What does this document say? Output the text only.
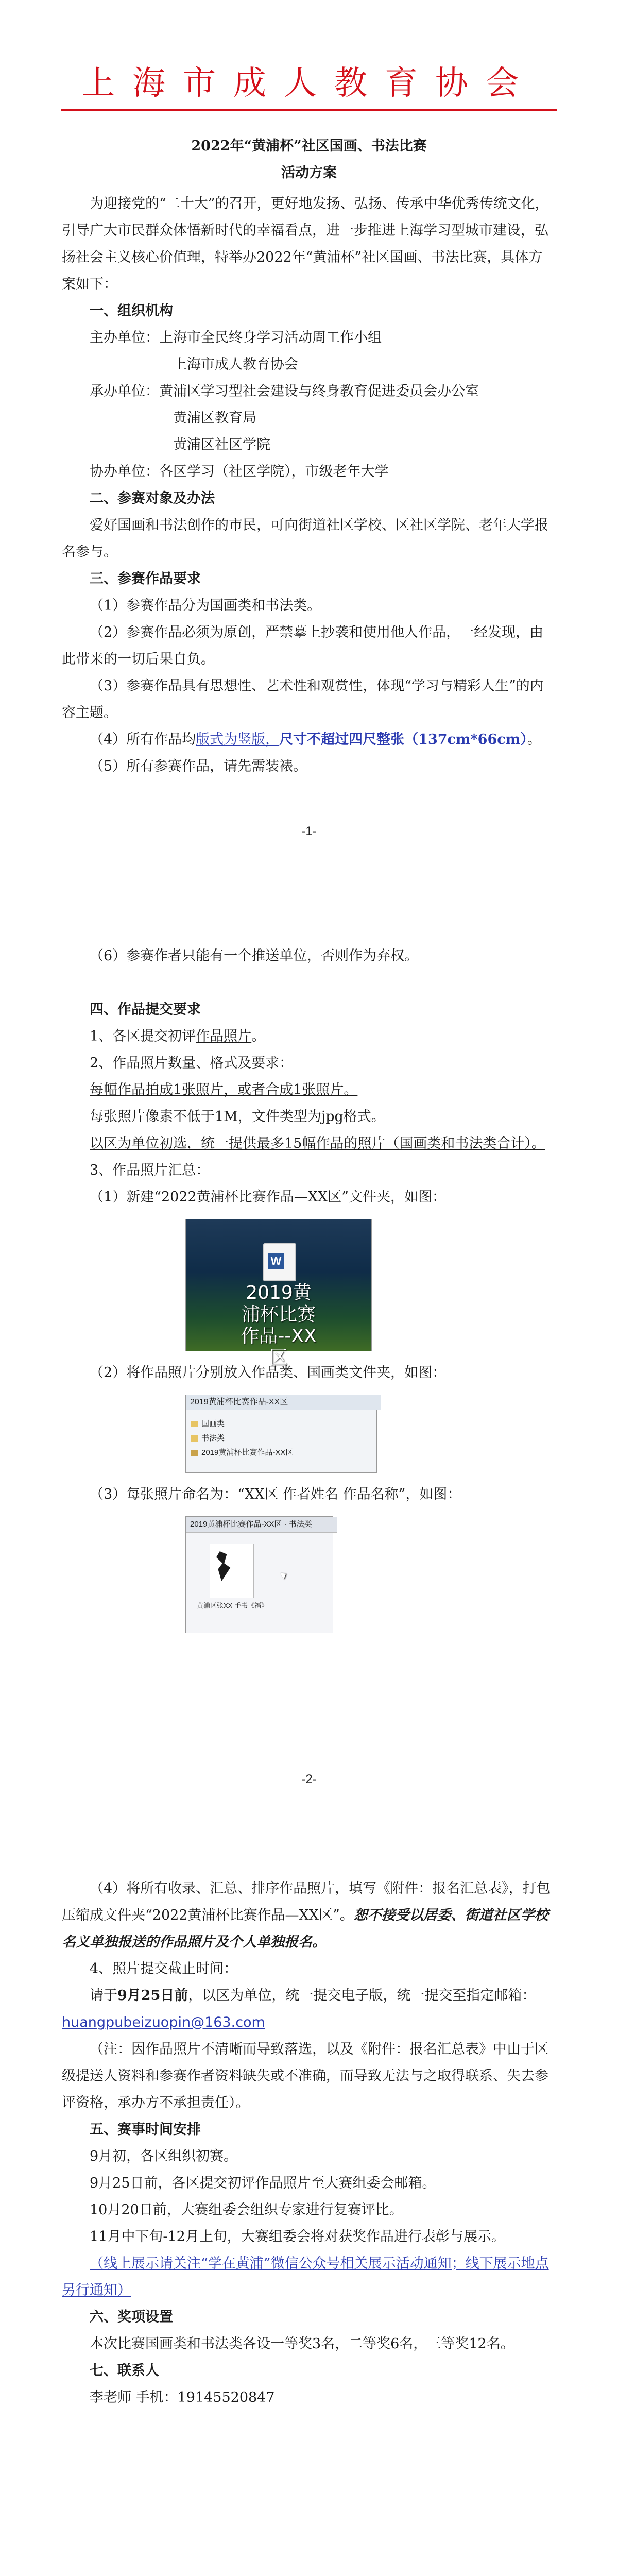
上海市成人教育协会

2022年“黄浦杯”社区国画、书法比赛

活动方案

为迎接党的“二十大”的召开，更好地发扬、弘扬、传承中华优秀传统文化，引导广大市民群众体悟新时代的幸福看点，进一步推进上海学习型城市建设，弘扬社会主义核心价值理，特举办2022年“黄浦杯”社区国画、书法比赛，具体方案如下：

一、组织机构

主办单位：上海市全民终身学习活动周工作小组

上海市成人教育协会

承办单位：黄浦区学习型社会建设与终身教育促进委员会办公室

黄浦区教育局

黄浦区社区学院

协办单位：各区学习（社区学院），市级老年大学

二、参赛对象及办法

爱好国画和书法创作的市民，可向街道社区学校、区社区学院、老年大学报名参与。

三、参赛作品要求

（1）参赛作品分为国画类和书法类。

（2）参赛作品必须为原创，严禁摹上抄袭和使用他人作品，一经发现，由此带来的一切后果自负。

（3）参赛作品具有思想性、艺术性和观赏性，体现“学习与精彩人生”的内容主题。

（4）所有作品均版式为竖版，尺寸不超过四尺整张（137cm*66cm）。

（5）所有参赛作品，请先需装裱。

-1-

（6）参赛作者只能有一个推送单位，否则作为弃权。

四、作品提交要求

1、各区提交初评作品照片。

2、作品照片数量、格式及要求：

每幅作品拍成1张照片，或者合成1张照片。

每张照片像素不低于1M，文件类型为jpg格式。

以区为单位初选，统一提供最多15幅作品的照片（国画类和书法类合计）。

3、作品照片汇总：

（1）新建“2022黄浦杯比赛作品—XX区”文件夹，如图：

W
2019黄
浦杯比赛
作品--XX
区

（2）将作品照片分别放入作品类、国画类文件夹，如图：

2019黄浦杯比赛作品-XX区
国画类
书法类
2019黄浦杯比赛作品-XX区

（3）每张照片命名为：“XX区 作者姓名 作品名称”，如图：

2019黄浦杯比赛作品-XX区 · 书法类
黄浦区张XX 手书《福》
-2-

（4）将所有收录、汇总、排序作品照片，填写《附件：报名汇总表》，打包压缩成文件夹“2022黄浦杯比赛作品—XX区”。恕不接受以居委、街道社区学校名义单独报送的作品照片及个人单独报名。

4、照片提交截止时间：

请于9月25日前，以区为单位，统一提交电子版，统一提交至指定邮箱：

huangpubeizuopin@163.com

（注：因作品照片不清晰而导致落选，以及《附件：报名汇总表》中由于区级提送人资料和参赛作者资料缺失或不准确，而导致无法与之取得联系、失去参评资格，承办方不承担责任）。

五、赛事时间安排

9月初，各区组织初赛。

9月25日前，各区提交初评作品照片至大赛组委会邮箱。

10月20日前，大赛组委会组织专家进行复赛评比。

11月中下旬-12月上旬，大赛组委会将对获奖作品进行表彰与展示。

（线上展示请关注“学在黄浦”微信公众号相关展示活动通知；线下展示地点另行通知）

六、奖项设置

本次比赛国画类和书法类各设一等奖3名，二等奖6名，三等奖12名。

七、联系人

李老师 手机：19145520847
